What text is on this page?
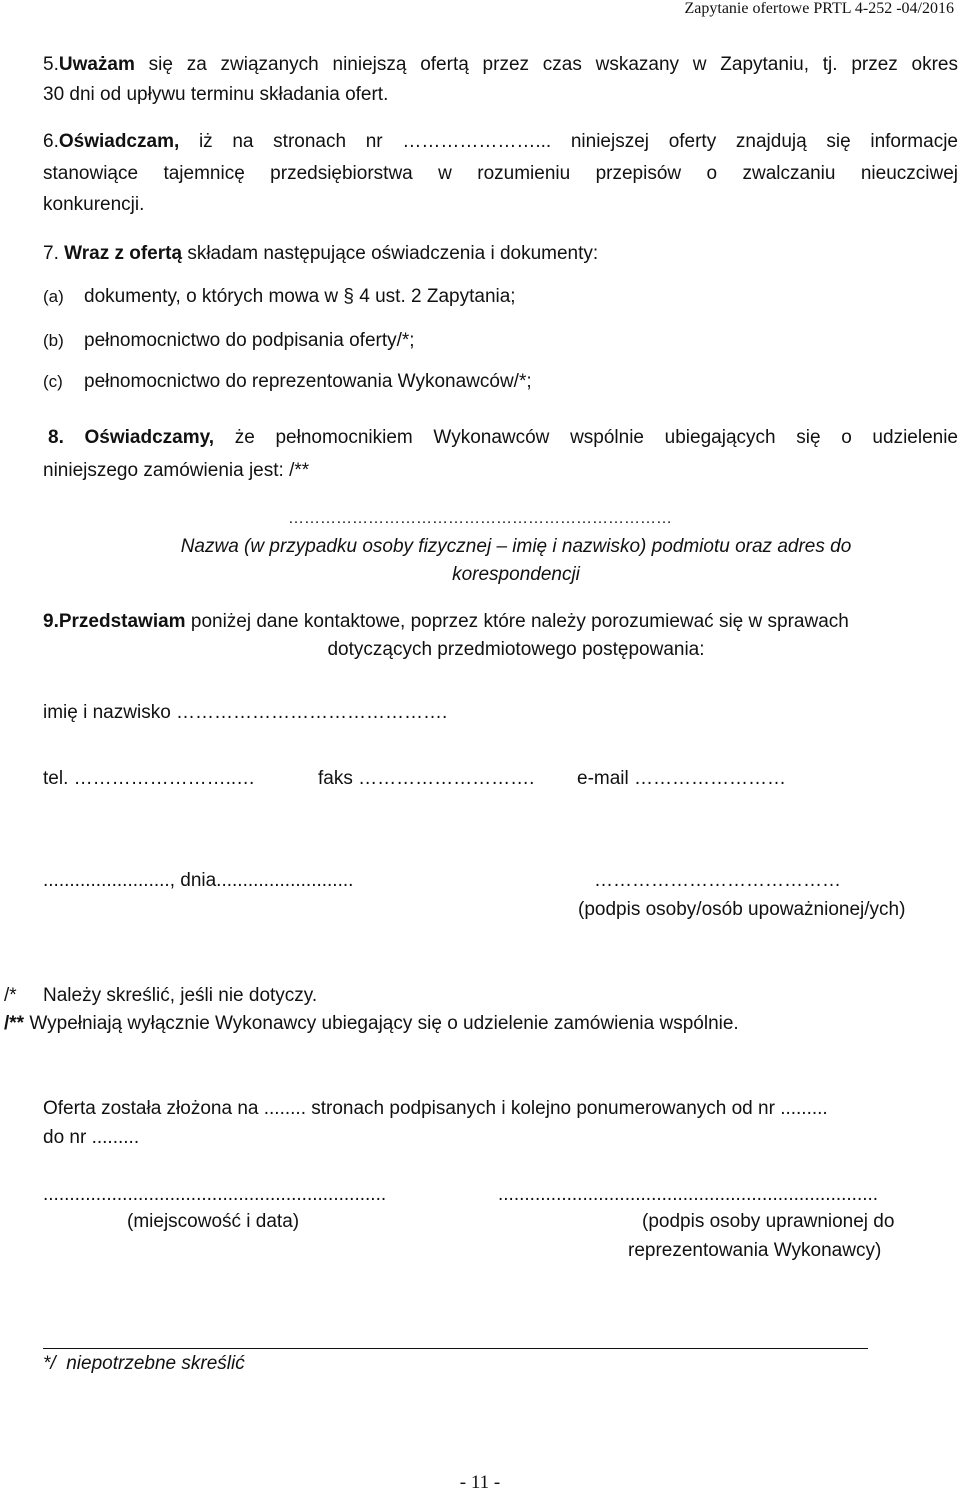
Zapytanie ofertowe PRTL 4-252 -04/2016
5.Uważam się za związanych niniejszą ofertą przez czas wskazany w Zapytaniu, tj. przez okres
30 dni od upływu terminu składania ofert.
6.Oświadczam, iż na stronach nr …………………... niniejszej oferty znajdują się informacje
stanowiące tajemnicę przedsiębiorstwa w rozumieniu przepisów o zwalczaniu nieuczciwej
konkurencji.
7. Wraz z ofertą składam następujące oświadczenia i dokumenty:
(a) dokumenty, o których mowa w § 4 ust. 2 Zapytania;
(b) pełnomocnictwo do podpisania oferty/*;
(c) pełnomocnictwo do reprezentowania Wykonawców/*;
8. Oświadczamy, że pełnomocnikiem Wykonawców wspólnie ubiegających się o udzielenie
niniejszego zamówienia jest: /**
………………………………………………………………
Nazwa (w przypadku osoby fizycznej – imię i nazwisko) podmiotu oraz adres do
korespondencji
9.Przedstawiam poniżej dane kontaktowe, poprzez które należy porozumiewać się w sprawach
dotyczących przedmiotowego postępowania:
imię i nazwisko …………………………………….
tel. ……………………..…	faks ………………………. e-mail ……………………
........................, dnia..........................	…………………………………
(podpis osoby/osób upoważnionej/ych)
/* Należy skreślić, jeśli nie dotyczy.
/** Wypełniają wyłącznie Wykonawcy ubiegający się o udzielenie zamówienia wspólnie.
Oferta została złożona na ........ stronach podpisanych i kolejno ponumerowanych od nr .........
do nr .........
.................................................................	........................................................................
(miejscowość i data)	(podpis osoby uprawnionej do
reprezentowania Wykonawcy)
*/  niepotrzebne skreślić
- 11 -
